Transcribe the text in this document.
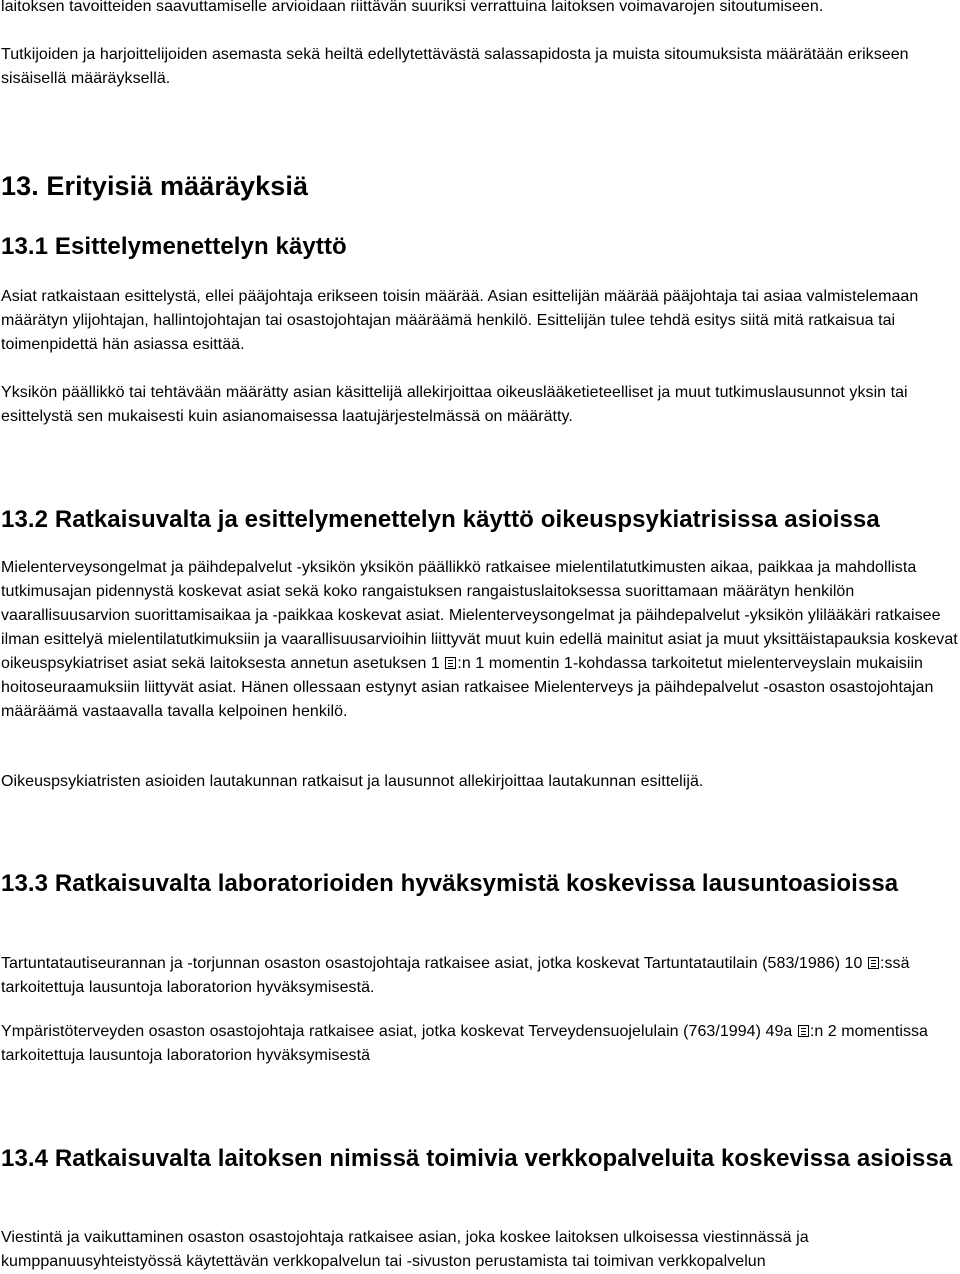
laitoksen tavoitteiden saavuttamiselle arvioidaan riittävän suuriksi verrattuina laitoksen voimavarojen sitoutumiseen.

Tutkijoiden ja harjoittelijoiden asemasta sekä heiltä edellytettävästä salassapidosta ja muista sitoumuksista määrätään erikseen sisäisellä määräyksellä.

13. Erityisiä määräyksiä
13.1 Esittelymenettelyn käyttö

Asiat ratkaistaan esittelystä, ellei pääjohtaja erikseen toisin määrää. Asian esittelijän määrää pääjohtaja tai asiaa valmistelemaan määrätyn ylijohtajan, hallintojohtajan tai osastojohtajan määräämä henkilö. Esittelijän tulee tehdä esitys siitä mitä ratkaisua tai toimenpidettä hän asiassa esittää.

Yksikön päällikkö tai tehtävään määrätty asian käsittelijä allekirjoittaa oikeuslääketieteelliset ja muut tutkimuslausunnot yksin tai esittelystä sen mukaisesti kuin asianomaisessa laatujärjestelmässä on määrätty.

13.2 Ratkaisuvalta ja esittelymenettelyn käyttö oikeuspsykiatrisissa asioissa

Mielenterveysongelmat ja päihdepalvelut -yksikön yksikön päällikkö ratkaisee mielentilatutkimusten aikaa, paikkaa ja mahdollista tutkimusajan pidennystä koskevat asiat sekä koko rangaistuksen rangaistuslaitoksessa suorittamaan määrätyn henkilön vaarallisuusarvion suorittamisaikaa ja -paikkaa koskevat asiat. Mielenterveysongelmat ja päihdepalvelut -yksikön ylilääkäri ratkaisee ilman esittelyä mielentilatutkimuksiin ja vaarallisuusarvioihin liittyvät muut kuin edellä mainitut asiat ja muut yksittäistapauksia koskevat oikeuspsykiatriset asiat sekä laitoksesta annetun asetuksen 1 :n 1 momentin 1-kohdassa tarkoitetut mielenterveyslain mukaisiin hoitoseuraamuksiin liittyvät asiat. Hänen ollessaan estynyt asian ratkaisee Mielenterveys ja päihdepalvelut -osaston osastojohtajan määräämä vastaavalla tavalla kelpoinen henkilö.

Oikeuspsykiatristen asioiden lautakunnan ratkaisut ja lausunnot allekirjoittaa lautakunnan esittelijä.

13.3 Ratkaisuvalta laboratorioiden hyväksymistä koskevissa lausuntoasioissa

Tartuntatautiseurannan ja -torjunnan osaston osastojohtaja ratkaisee asiat, jotka koskevat Tartuntatautilain (583/1986) 10 :ssä tarkoitettuja lausuntoja laboratorion hyväksymisestä.

Ympäristöterveyden osaston osastojohtaja ratkaisee asiat, jotka koskevat Terveydensuojelulain (763/1994) 49a :n 2 momentissa tarkoitettuja lausuntoja laboratorion hyväksymisestä

13.4 Ratkaisuvalta laitoksen nimissä toimivia verkkopalveluita koskevissa asioissa

Viestintä ja vaikuttaminen osaston osastojohtaja ratkaisee asian, joka koskee laitoksen ulkoisessa viestinnässä ja kumppanuusyhteistyössä käytettävän verkkopalvelun tai -sivuston perustamista tai toimivan verkkopalvelun
